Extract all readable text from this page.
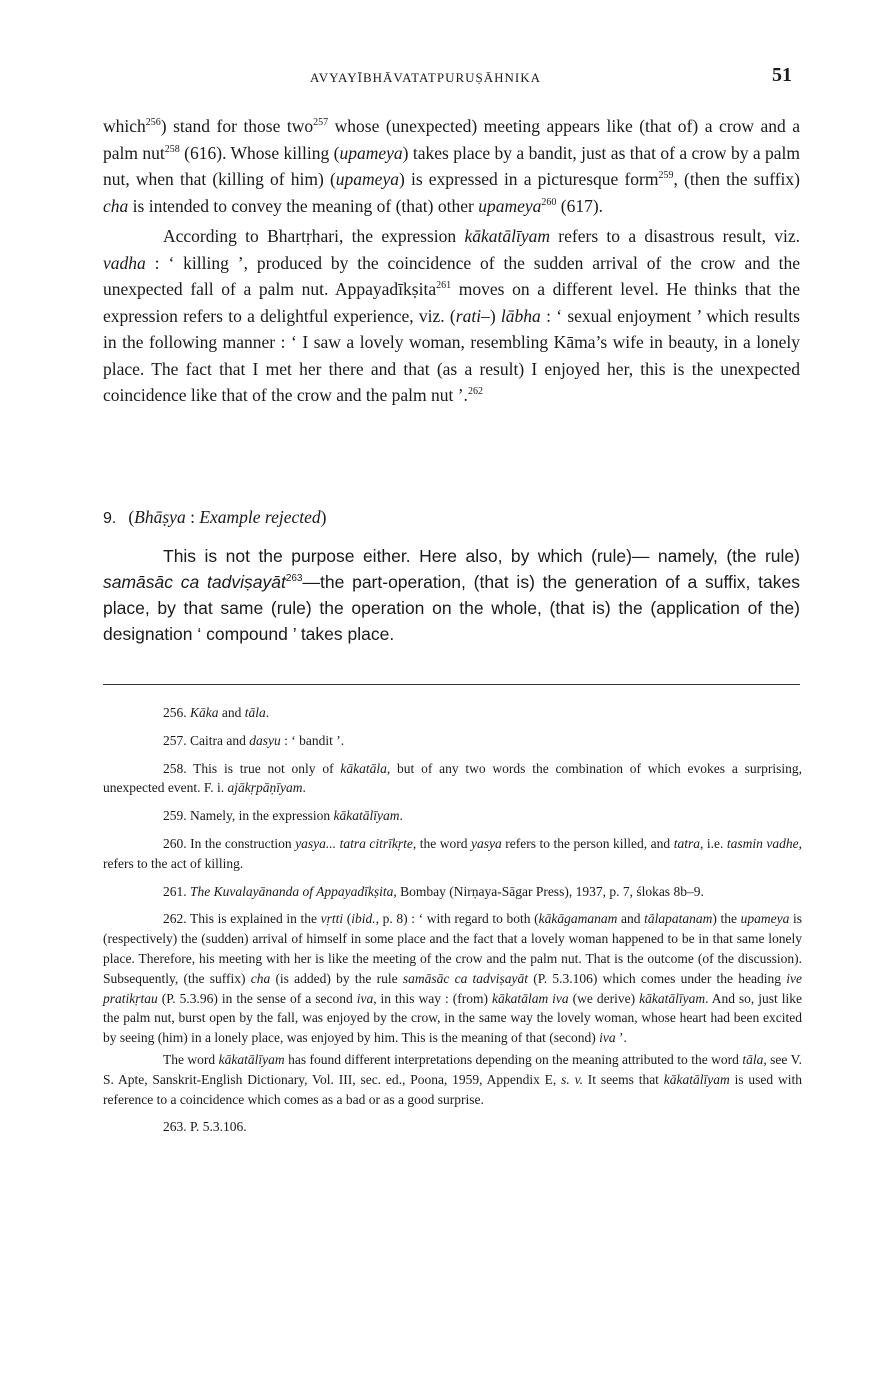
AVYAYĪBHĀVATATPURUṢĀHNIKA	51

which$^{256}$) stand for those two$^{257}$ whose (unexpected) meeting appears like (that of) a crow and a palm nut$^{258}$ (616). Whose killing (upameya) takes place by a bandit, just as that of a crow by a palm nut, when that (killing of him) (upameya) is expressed in a picturesque form$^{259}$, (then the suffix) cha is intended to convey the meaning of (that) other upameya$^{260}$ (617).

According to Bhartṛhari, the expression kākatālīyam refers to a disastrous result, viz. vadha : ‘ killing ’, produced by the coincidence of the sudden arrival of the crow and the unexpected fall of a palm nut. Appayadīkṣita$^{261}$ moves on a different level. He thinks that the expression refers to a delightful experience, viz. (rati–) lābha : ‘ sexual enjoyment ’ which results in the following manner : ‘ I saw a lovely woman, resembling Kāma’s wife in beauty, in a lonely place. The fact that I met her there and that (as a result) I enjoyed her, this is the unexpected coincidence like that of the crow and the palm nut ’.$^{262}$

9. (Bhāṣya : Example rejected)

This is not the purpose either. Here also, by which (rule)— namely, (the rule) samāsāc ca tadviṣayāt$^{263}$—the part-operation, (that is) the generation of a suffix, takes place, by that same (rule) the operation on the whole, (that is) the (application of the) designation ‘ compound ’ takes place.

256. Kāka and tāla.

257. Caitra and dasyu : ‘ bandit ’.

258. This is true not only of kākatāla, but of any two words the combination of which evokes a surprising, unexpected event. F. i. ajākṛpāṇīyam.

259. Namely, in the expression kākatālīyam.

260. In the construction yasya... tatra citrīkṛte, the word yasya refers to the person killed, and tatra, i.e. tasmin vadhe, refers to the act of killing.

261. The Kuvalayānanda of Appayadīkṣita, Bombay (Nirṇaya-Sāgar Press), 1937, p. 7, ślokas 8b–9.

262. This is explained in the vṛtti (ibid., p. 8) : ‘ with regard to both (kākāgamanam and tālapatanam) the upameya is (respectively) the (sudden) arrival of himself in some place and the fact that a lovely woman happened to be in that same lonely place. Therefore, his meeting with her is like the meeting of the crow and the palm nut. That is the outcome (of the discussion). Subsequently, (the suffix) cha (is added) by the rule samāsāc ca tadviṣayāt (P. 5.3.106) which comes under the heading ive pratikṛtau (P. 5.3.96) in the sense of a second iva, in this way : (from) kākatālam iva (we derive) kākatālīyam. And so, just like the palm nut, burst open by the fall, was enjoyed by the crow, in the same way the lovely woman, whose heart had been excited by seeing (him) in a lonely place, was enjoyed by him. This is the meaning of that (second) iva ’.

The word kākatālīyam has found different interpretations depending on the meaning attributed to the word tāla, see V. S. Apte, Sanskrit-English Dictionary, Vol. III, sec. ed., Poona, 1959, Appendix E, s. v. It seems that kākatālīyam is used with reference to a coincidence which comes as a bad or as a good surprise.

263. P. 5.3.106.
